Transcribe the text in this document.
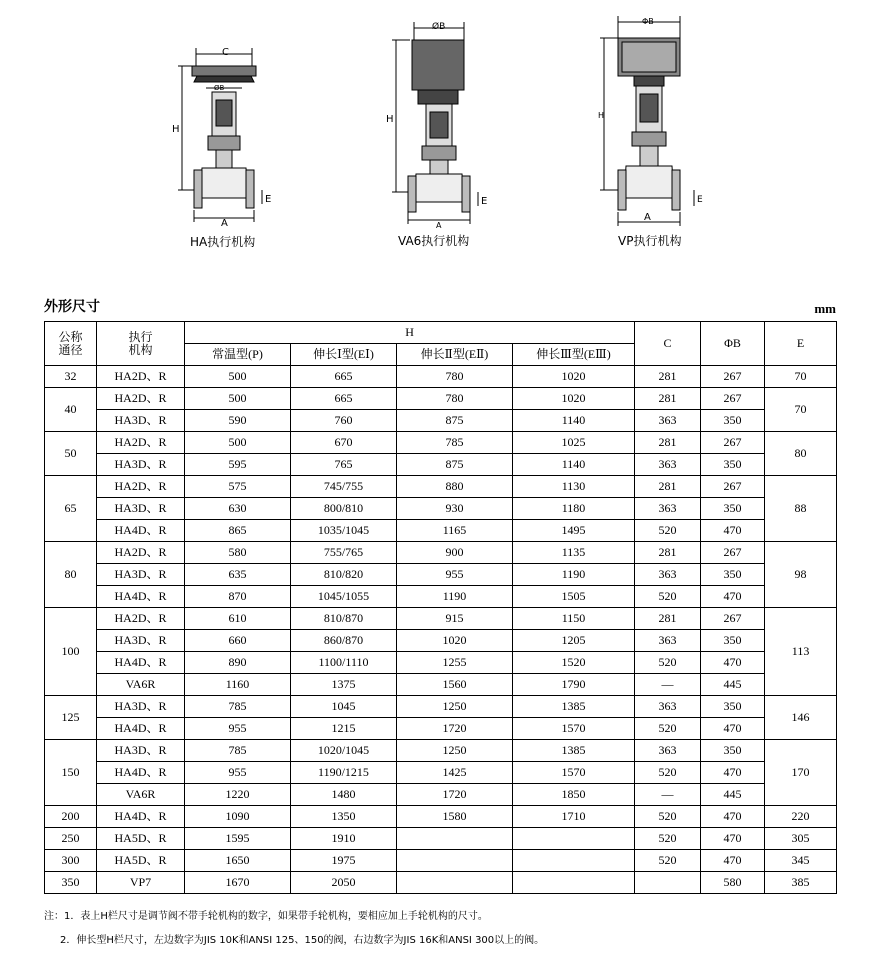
C
ØB
H
E
A
HA执行机构
ØB
H
E
A
VA6执行机构
ΦB
H
E
A
VP执行机构
外形尺寸	mm
公称
通径	执行
机构	H				C	ΦB	E
		常温型(P)	伸长Ⅰ型(EⅠ)	伸长Ⅱ型(EⅡ)	伸长Ⅲ型(EⅢ)			
32	HA2D、R	500	665	780	1020	281	267	70
40	HA2D、R	500	665	780	1020	281	267	70
	HA3D、R	590	760	875	1140	363	350	
50	HA2D、R	500	670	785	1025	281	267	80
	HA3D、R	595	765	875	1140	363	350	
65	HA2D、R	575	745/755	880	1130	281	267	88
	HA3D、R	630	800/810	930	1180	363	350	
	HA4D、R	865	1035/1045	1165	1495	520	470	
80	HA2D、R	580	755/765	900	1135	281	267	98
	HA3D、R	635	810/820	955	1190	363	350	
	HA4D、R	870	1045/1055	1190	1505	520	470	
100	HA2D、R	610	810/870	915	1150	281	267	113
	HA3D、R	660	860/870	1020	1205	363	350	
	HA4D、R	890	1100/1110	1255	1520	520	470	
	VA6R	1160	1375	1560	1790	—	445	
125	HA3D、R	785	1045	1250	1385	363	350	146
	HA4D、R	955	1215	1720	1570	520	470	
150	HA3D、R	785	1020/1045	1250	1385	363	350	170
	HA4D、R	955	1190/1215	1425	1570	520	470	
	VA6R	1220	1480	1720	1850	—	445	
200	HA4D、R	1090	1350	1580	1710	520	470	220
250	HA5D、R	1595	1910			520	470	305
300	HA5D、R	1650	1975			520	470	345
350	VP7	1670	2050				580	385
注：1．表上H栏尺寸是调节阀不带手轮机构的数字，如果带手轮机构，要相应加上手轮机构的尺寸。
2．伸长型H栏尺寸，左边数字为JIS 10K和ANSI 125、150的阀，右边数字为JIS 16K和ANSI 300以上的阀。
